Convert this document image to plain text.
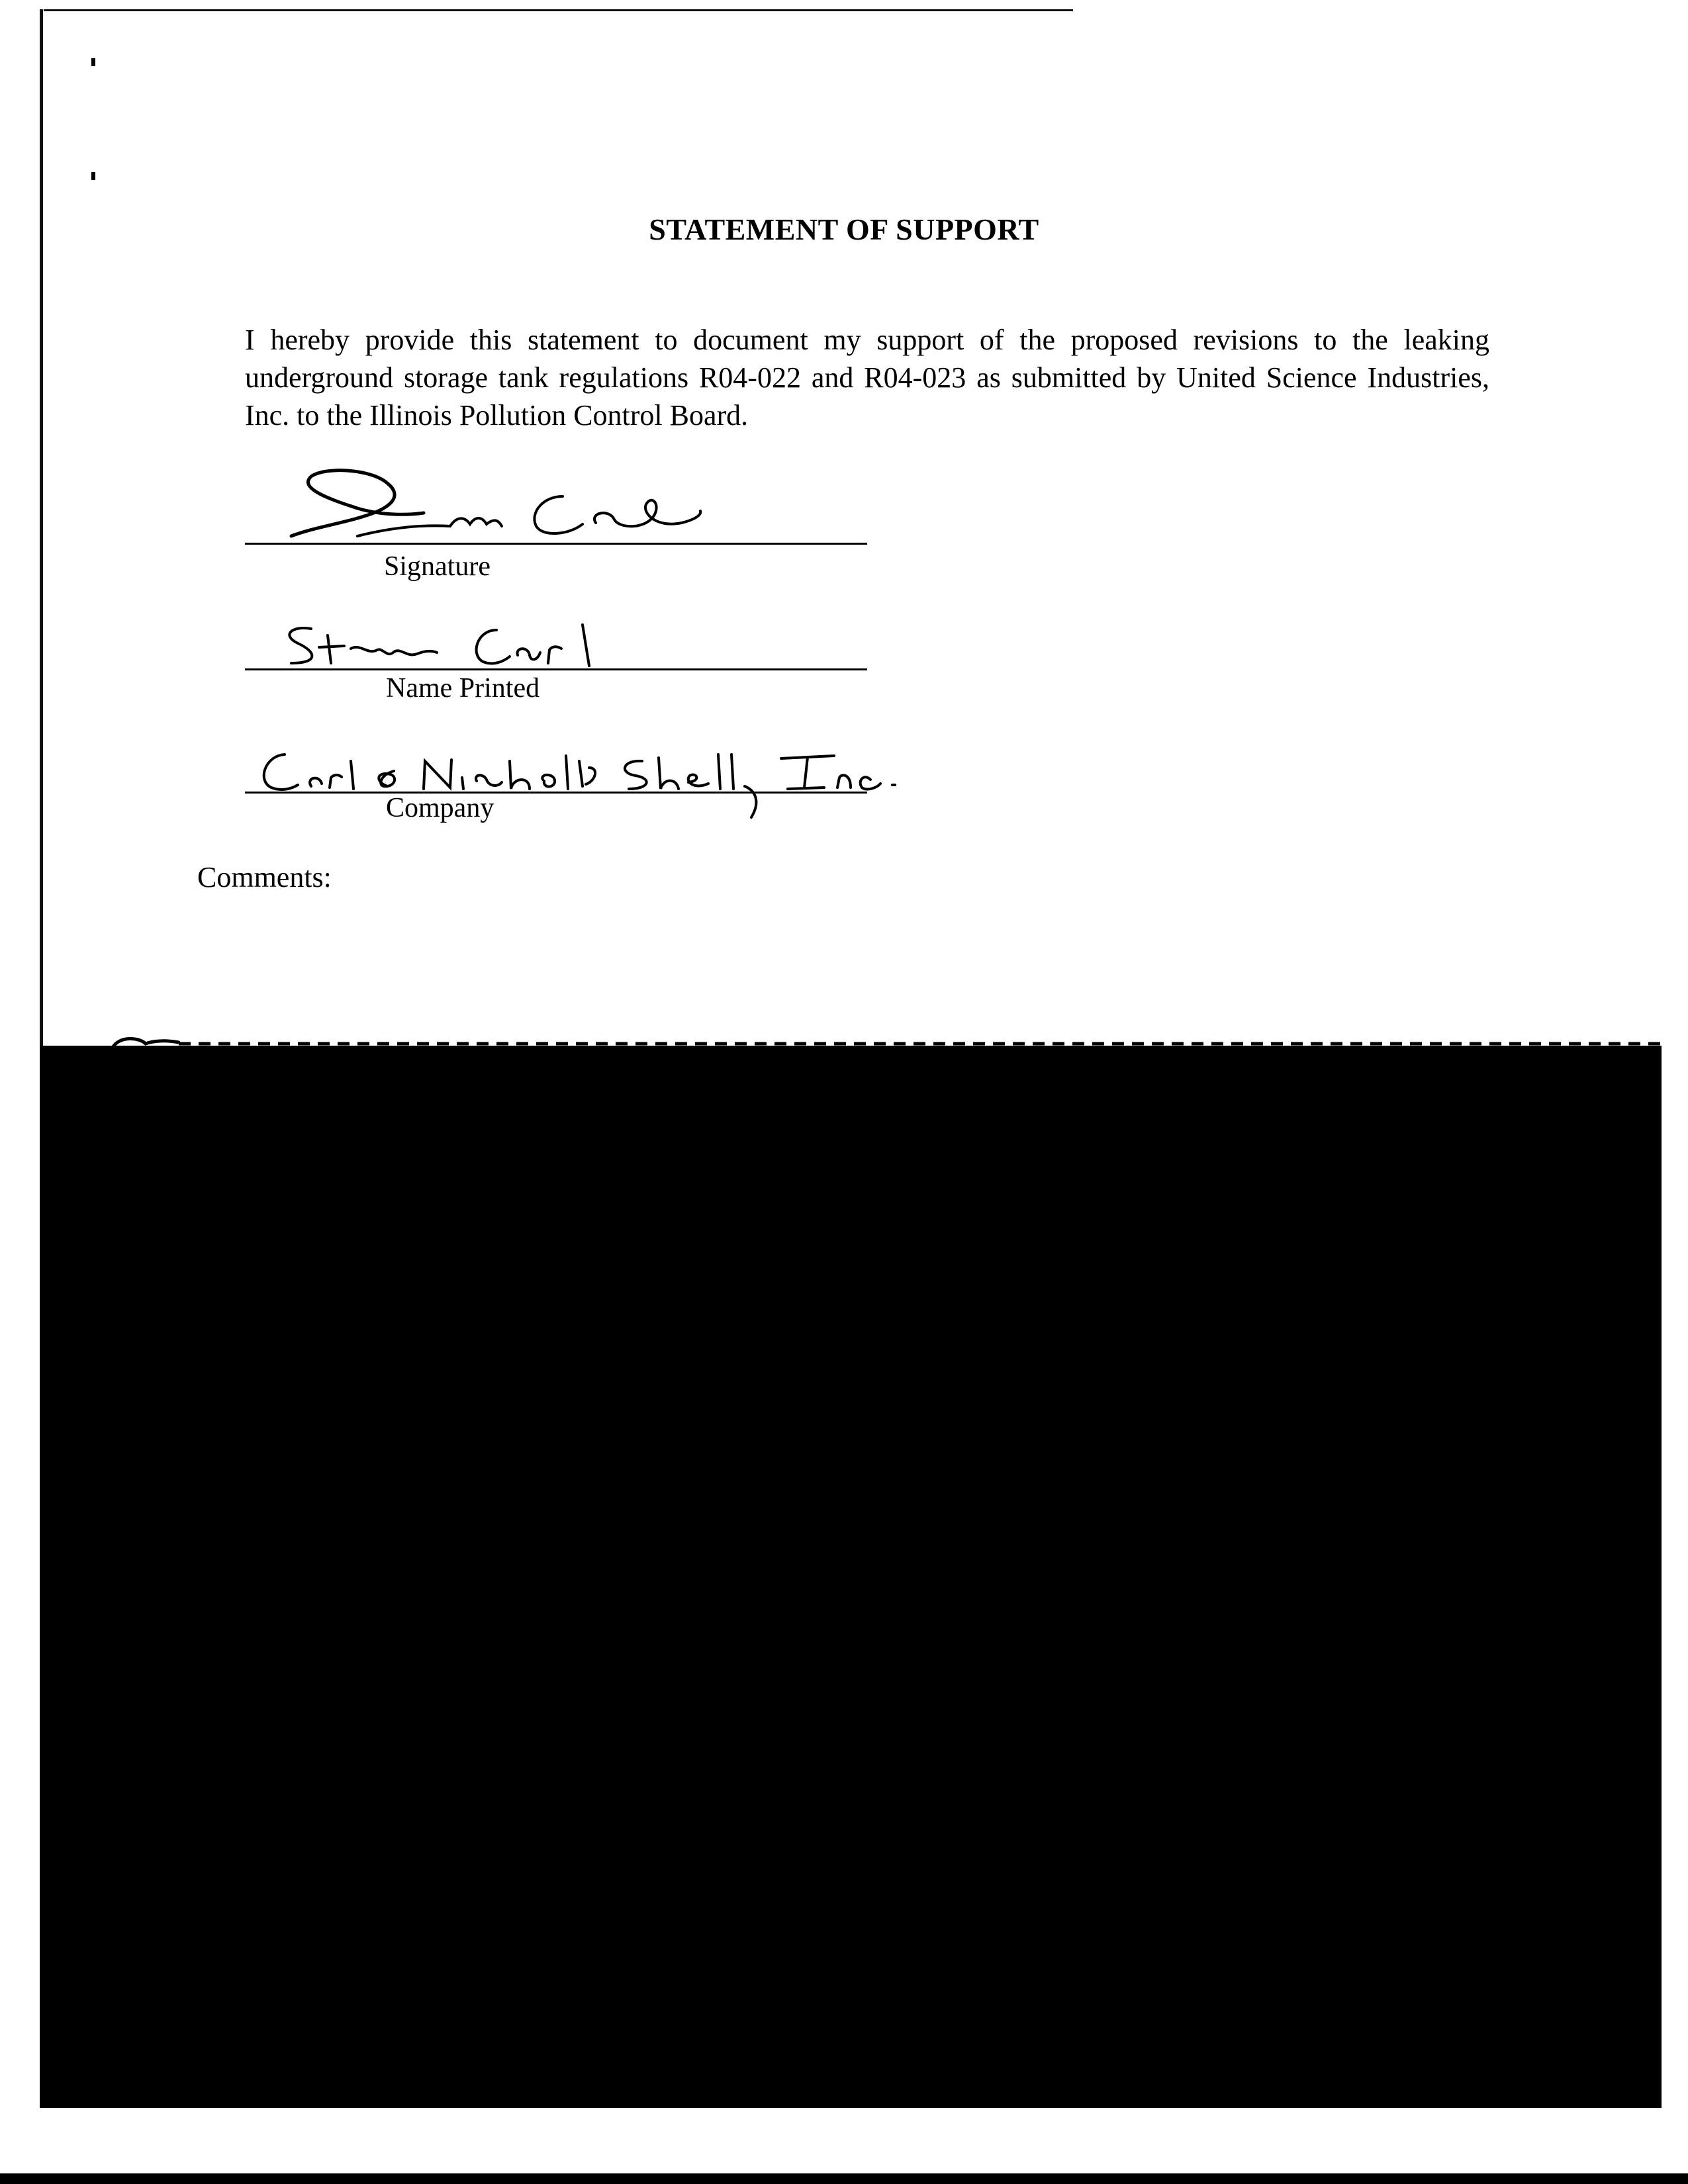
STATEMENT OF SUPPORT
I hereby provide this statement to document my support of the proposed revisions to the leaking underground storage tank regulations R04-022 and R04-023 as submitted by United Science Industries, Inc. to the Illinois Pollution Control Board.
Signature
Name Printed
Company
Comments:
